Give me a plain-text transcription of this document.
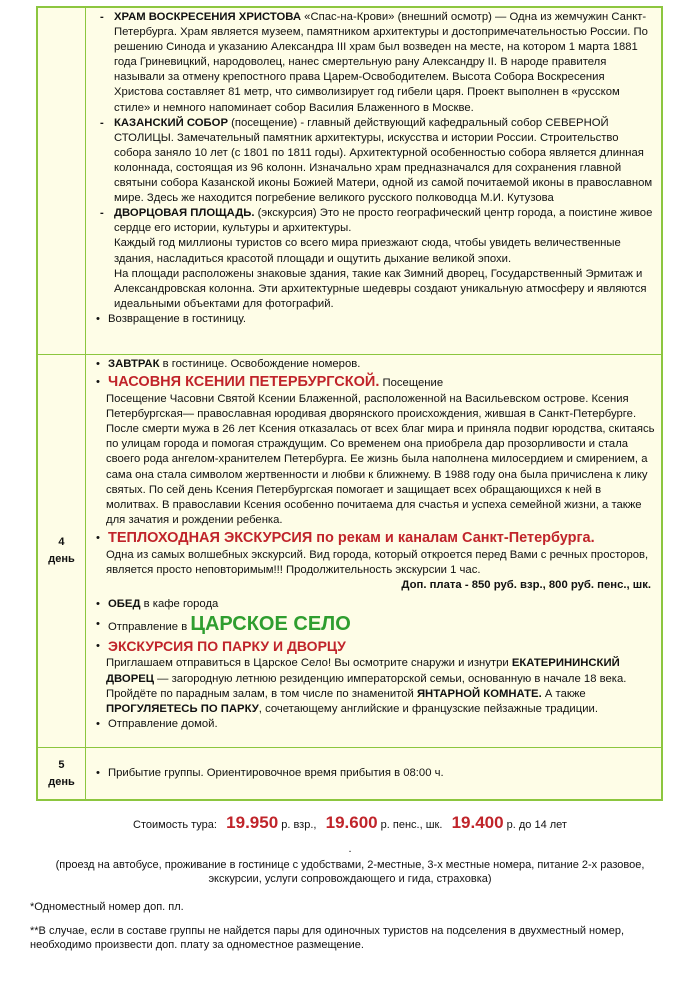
- ХРАМ ВОСКРЕСЕНИЯ ХРИСТОВА «Спас-на-Крови» (внешний осмотр) — Одна из жемчужин Санкт-Петербурга. Храм является музеем, памятником архитектуры и достопримечательностью России. По решению Синода и указанию Александра III храм был возведен на месте, на котором 1 марта 1881 года Гриневицкий, народоволец, нанес смертельную рану Александру II. В народе правителя называли за отмену крепостного права Царем-Освободителем. Высота Собора Воскресения Христова составляет 81 метр, что символизирует год гибели царя. Проект выполнен в «русском стиле» и немного напоминает собор Василия Блаженного в Москве.
- КАЗАНСКИЙ СОБОР (посещение) - главный действующий кафедральный собор СЕВЕРНОЙ СТОЛИЦЫ. Замечательный памятник архитектуры, искусства и истории России. Строительство собора заняло 10 лет (с 1801 по 1811 годы). Архитектурной особенностью собора является длинная колоннада, состоящая из 96 колонн. Изначально храм предназначался для сохранения главной святыни собора Казанской иконы Божией Матери, одной из самой почитаемой иконы в православном мире. Здесь же находится погребение великого русского полководца М.И. Кутузова
- ДВОРЦОВАЯ ПЛОЩАДЬ. (экскурсия) Это не просто географический центр города, а поистине живое сердце его истории, культуры и архитектуры.
Каждый год миллионы туристов со всего мира приезжают сюда, чтобы увидеть величественные здания, насладиться красотой площади и ощутить дыхание великой эпохи.
На площади расположены знаковые здания, такие как Зимний дворец, Государственный Эрмитаж и Александровская колонна. Эти архитектурные шедевры создают уникальную атмосферу и являются идеальными объектами для фотографий.
• Возвращение в гостиницу.
4
день
• ЗАВТРАК в гостинице. Освобождение номеров.
• ЧАСОВНЯ КСЕНИИ ПЕТЕРБУРГСКОЙ. Посещение
Посещение Часовни Святой Ксении Блаженной, расположенной на Васильевском острове. Ксения Петербургская— православная юродивая дворянского происхождения, жившая в Санкт-Петербурге. После смерти мужа в 26 лет Ксения отказалась от всех благ мира и приняла подвиг юродства, скитаясь по улицам города и помогая страждущим. Со временем она приобрела дар прозорливости и стала своего рода ангелом-хранителем Петербурга. Ее жизнь была наполнена милосердием и смирением, а сама она стала символом жертвенности и любви к ближнему. В 1988 году она была причислена к лику святых. По сей день Ксения Петербургская помогает и защищает всех обращающихся к ней в молитвах. В православии Ксения особенно почитаема для счастья и успеха семейной жизни, а также для зачатия и рождении ребенка.
• ТЕПЛОХОДНАЯ ЭКСКУРСИЯ по рекам и каналам Санкт-Петербурга.
Одна из самых волшебных экскурсий. Вид города, который откроется перед Вами с речных просторов, является просто неповторимым!!! Продолжительность экскурсии 1 час.
Доп. плата - 850 руб. взр., 800 руб. пенс., шк.
• ОБЕД в кафе города
• Отправление в ЦАРСКОЕ СЕЛО
• ЭКСКУРСИЯ ПО ПАРКУ И ДВОРЦУ
Приглашаем отправиться в Царское Село! Вы осмотрите снаружи и изнутри ЕКАТЕРИНИНСКИЙ ДВОРЕЦ — загородную летнюю резиденцию императорской семьи, основанную в начале 18 века. Пройдёте по парадным залам, в том числе по знаменитой ЯНТАРНОЙ КОМНАТЕ. А также ПРОГУЛЯЕТЕСЬ ПО ПАРКУ, сочетающему английские и французские пейзажные традиции.
• Отправление домой.
5
день
• Прибытие группы. Ориентировочное время прибытия в 08:00 ч.
Стоимость тура: 19.950 р. взр., 19.600 р. пенс., шк. 19.400 р. до 14 лет
.
(проезд на автобусе, проживание в гостинице с удобствами, 2-местные, 3-х местные номера, питание 2-х разовое, экскурсии, услуги сопровождающего и гида, страховка)
*Одноместный номер доп. пл.
**В случае, если в составе группы не найдется пары для одиночных туристов на подселения в двухместный номер, необходимо произвести доп. плату за одноместное размещение.
